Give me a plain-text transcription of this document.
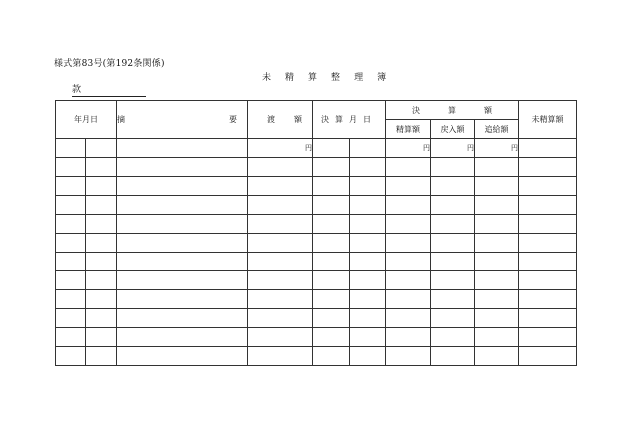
様式第83号(第192条関係)
未 精 算 整 理 簿
款
年月日		摘 要	渡 額	決算月日		決 算 額			未精算額
						精算額	戻入額	追給額	
			円			円	円	円	
